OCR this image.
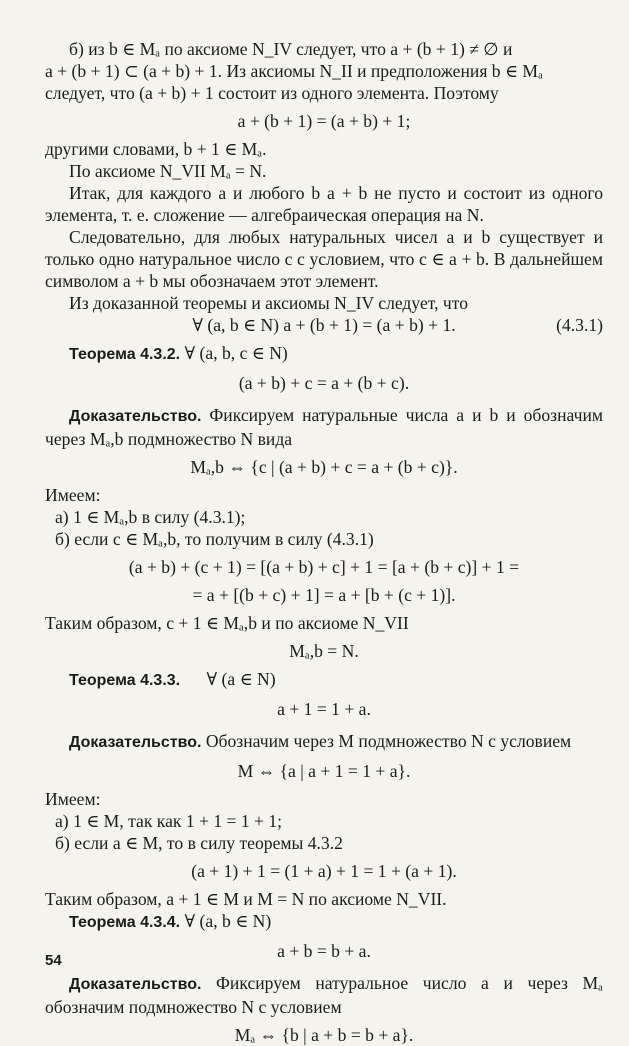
б) из b ∈ Mₐ по аксиоме N_IV следует, что a + (b + 1) ≠ ∅ и

a + (b + 1) ⊂ (a + b) + 1. Из аксиомы N_II и предположения b ∈ Mₐ

следует, что (a + b) + 1 состоит из одного элемента. Поэтому

a + (b + 1) = (a + b) + 1;

другими словами, b + 1 ∈ Mₐ.

По аксиоме N_VII Mₐ = N.

Итак, для каждого a и любого b a + b не пусто и состоит из одного элемента, т. е. сложение — алгебраическая операция на N.

Следовательно, для любых натуральных чисел a и b существует и только одно натуральное число c с условием, что c ∈ a + b. В дальнейшем символом a + b мы обозначаем этот элемент.

Из доказанной теоремы и аксиомы N_IV следует, что

∀ (a, b ∈ N) a + (b + 1) = (a + b) + 1.	(4.3.1)

Теорема 4.3.2. ∀ (a, b, c ∈ N)

(a + b) + c = a + (b + c).

Доказательство. Фиксируем натуральные числа a и b и обозначим через Mₐ,b подмножество N вида

Mₐ,b ⇔ {c | (a + b) + c = a + (b + c)}.

Имеем:

а) 1 ∈ Mₐ,b в силу (4.3.1);

б) если c ∈ Mₐ,b, то получим в силу (4.3.1)

(a + b) + (c + 1) = [(a + b) + c] + 1 = [a + (b + c)] + 1 =

= a + [(b + c) + 1] = a + [b + (c + 1)].

Таким образом, c + 1 ∈ Mₐ,b и по аксиоме N_VII

Mₐ,b = N.

Теорема 4.3.3. ∀ (a ∈ N)

a + 1 = 1 + a.

Доказательство. Обозначим через M подмножество N с условием

M ⇔ {a | a + 1 = 1 + a}.

Имеем:

а) 1 ∈ M, так как 1 + 1 = 1 + 1;

б) если a ∈ M, то в силу теоремы 4.3.2

(a + 1) + 1 = (1 + a) + 1 = 1 + (a + 1).

Таким образом, a + 1 ∈ M и M = N по аксиоме N_VII.

Теорема 4.3.4. ∀ (a, b ∈ N)

a + b = b + a.

Доказательство. Фиксируем натуральное число a и через Mₐ обозначим подмножество N с условием

Mₐ ⇔ {b | a + b = b + a}.

54
